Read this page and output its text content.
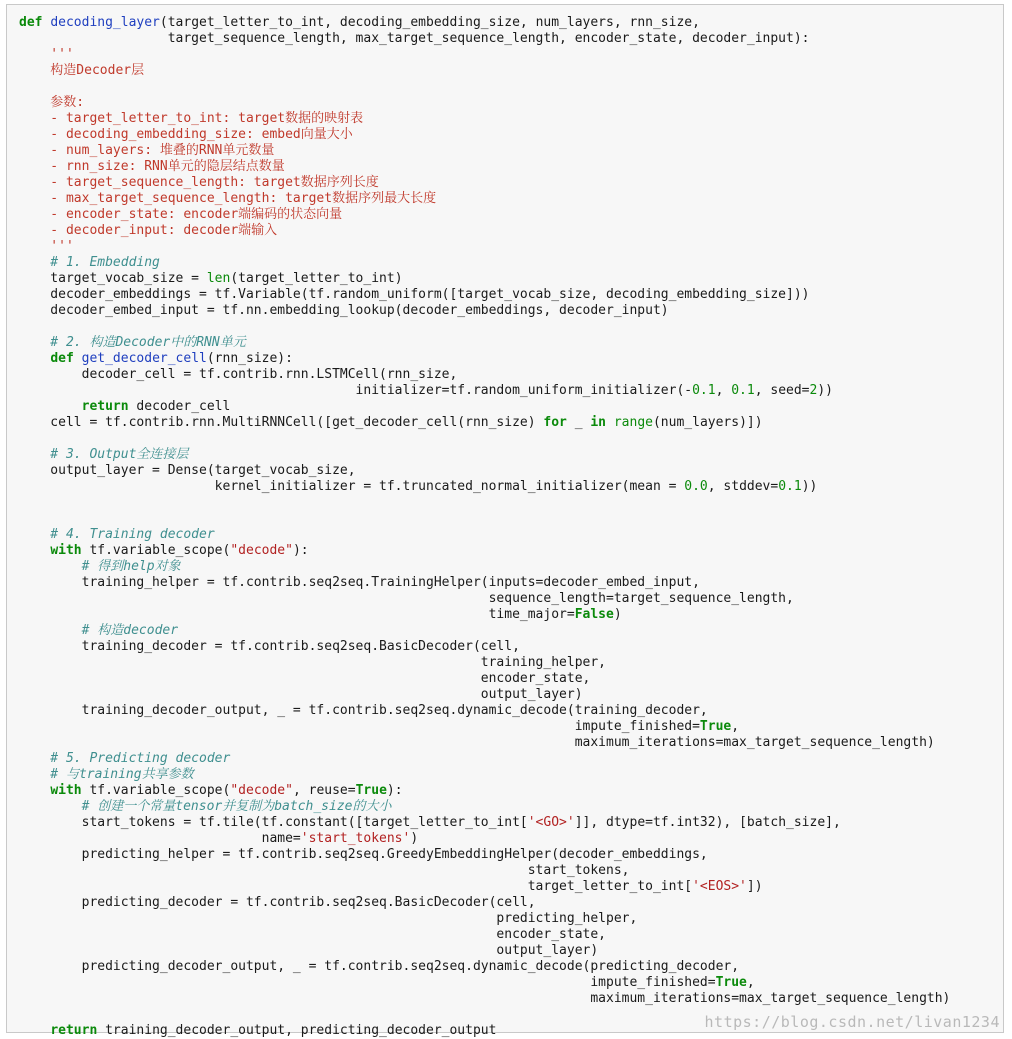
def decoding_layer(target_letter_to_int, decoding_embedding_size, num_layers, rnn_size,
target_sequence_length, max_target_sequence_length, encoder_state, decoder_input):
'''
构造Decoder层
参数:
- target_letter_to_int: target数据的映射表
- decoding_embedding_size: embed向量大小
- num_layers: 堆叠的RNN单元数量
- rnn_size: RNN单元的隐层结点数量
- target_sequence_length: target数据序列长度
- max_target_sequence_length: target数据序列最大长度
- encoder_state: encoder端编码的状态向量
- decoder_input: decoder端输入
'''
# 1. Embedding
target_vocab_size = len(target_letter_to_int)
decoder_embeddings = tf.Variable(tf.random_uniform([target_vocab_size, decoding_embedding_size]))
decoder_embed_input = tf.nn.embedding_lookup(decoder_embeddings, decoder_input)
# 2. 构造Decoder中的RNN单元
def get_decoder_cell(rnn_size):
decoder_cell = tf.contrib.rnn.LSTMCell(rnn_size,
initializer=tf.random_uniform_initializer(-0.1, 0.1, seed=2))
return decoder_cell
cell = tf.contrib.rnn.MultiRNNCell([get_decoder_cell(rnn_size) for _ in range(num_layers)])
# 3. Output全连接层
output_layer = Dense(target_vocab_size,
kernel_initializer = tf.truncated_normal_initializer(mean = 0.0, stddev=0.1))
# 4. Training decoder
with tf.variable_scope("decode"):
# 得到help对象
training_helper = tf.contrib.seq2seq.TrainingHelper(inputs=decoder_embed_input,
sequence_length=target_sequence_length,
time_major=False)
# 构造decoder
training_decoder = tf.contrib.seq2seq.BasicDecoder(cell,
training_helper,
encoder_state,
output_layer)
training_decoder_output, _ = tf.contrib.seq2seq.dynamic_decode(training_decoder,
impute_finished=True,
maximum_iterations=max_target_sequence_length)
# 5. Predicting decoder
# 与training共享参数
with tf.variable_scope("decode", reuse=True):
# 创建一个常量tensor并复制为batch_size的大小
start_tokens = tf.tile(tf.constant([target_letter_to_int['<GO>']], dtype=tf.int32), [batch_size],
name='start_tokens')
predicting_helper = tf.contrib.seq2seq.GreedyEmbeddingHelper(decoder_embeddings,
start_tokens,
target_letter_to_int['<EOS>'])
predicting_decoder = tf.contrib.seq2seq.BasicDecoder(cell,
predicting_helper,
encoder_state,
output_layer)
predicting_decoder_output, _ = tf.contrib.seq2seq.dynamic_decode(predicting_decoder,
impute_finished=True,
maximum_iterations=max_target_sequence_length)
return training_decoder_output, predicting_decoder_output	https://blog.csdn.net/livan1234
